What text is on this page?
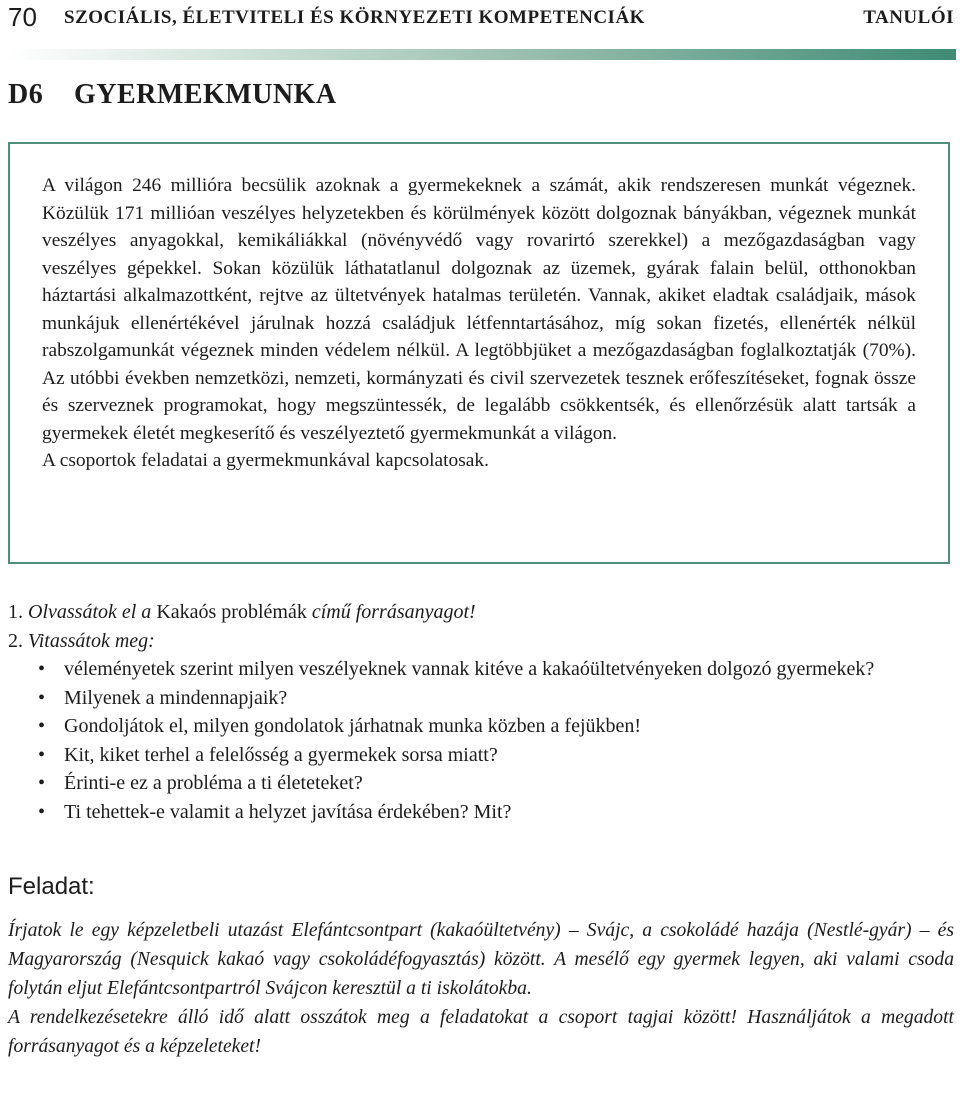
70 SZOCIÁLIS, ÉLETVITELI ÉS KÖRNYEZETI KOMPETENCIÁK	TANULÓI
D6 GYERMEKMUNKA

A világon 246 millióra becsülik azoknak a gyermekeknek a számát, akik rendszeresen munkát végeznek. Közülük 171 millióan veszélyes helyzetekben és körülmények között dolgoznak bányákban, végeznek munkát veszélyes anyagokkal, kemikáliákkal (növényvédő vagy rovarirtó szerekkel) a mezőgazdaságban vagy veszélyes gépekkel. Sokan közülük láthatatlanul dolgoznak az üzemek, gyárak falain belül, otthonokban háztartási alkalmazottként, rejtve az ültetvények hatalmas területén. Vannak, akiket eladtak családjaik, mások munkájuk ellenértékével járulnak hozzá családjuk létfenntartásához, míg sokan fizetés, ellenérték nélkül rabszolgamunkát végeznek minden védelem nélkül. A legtöbbjüket a mezőgazdaságban foglalkoztatják (70%). Az utóbbi években nemzetközi, nemzeti, kormányzati és civil szervezetek tesznek erőfeszítéseket, fognak össze és szerveznek programokat, hogy megszüntessék, de legalább csökkentsék, és ellenőrzésük alatt tartsák a gyermekek életét megkeserítő és veszélyeztető gyermekmunkát a világon.

A csoportok feladatai a gyermekmunkával kapcsolatosak.

1. Olvassátok el a Kakaós problémák című forrásanyagot!

2. Vitassátok meg:

• véleményetek szerint milyen veszélyeknek vannak kitéve a kakaóültetvényeken dolgozó gyermekek?
• Milyenek a mindennapjaik?
• Gondoljátok el, milyen gondolatok járhatnak munka közben a fejükben!
• Kit, kiket terhel a felelősség a gyermekek sorsa miatt?
• Érinti-e ez a probléma a ti életeteket?
• Ti tehettek-e valamit a helyzet javítása érdekében? Mit?
Feladat:

Írjatok le egy képzeletbeli utazást Elefántcsontpart (kakaóültetvény) – Svájc, a csokoládé hazája (Nestlé-gyár) – és Magyarország (Nesquick kakaó vagy csokoládéfogyasztás) között. A mesélő egy gyermek legyen, aki valami csoda folytán eljut Elefántcsontpartról Svájcon keresztül a ti iskolátokba.

A rendelkezésetekre álló idő alatt osszátok meg a feladatokat a csoport tagjai között! Használjátok a megadott forrásanyagot és a képzeleteket!
